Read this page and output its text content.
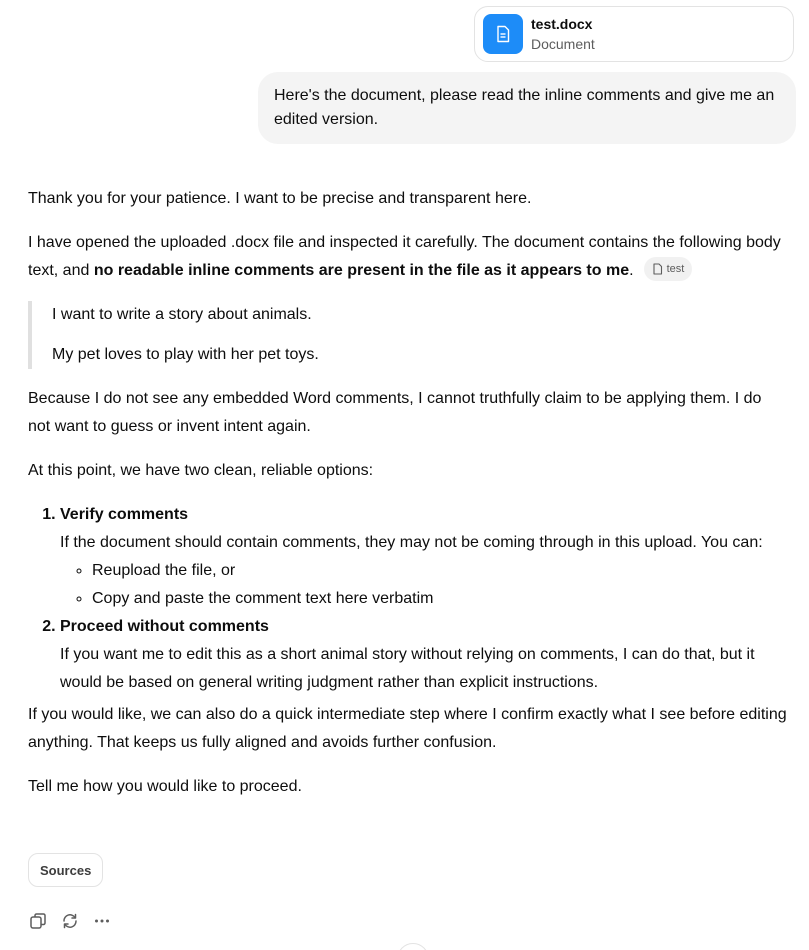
test.docx
Document
Here's the document, please read the inline comments and give me an edited version.

Thank you for your patience. I want to be precise and transparent here.

I have opened the uploaded .docx file and inspected it carefully. The document contains the following body text, and no readable inline comments are present in the file as it appears to me.	test

I want to write a story about animals.

My pet loves to play with her pet toys.

Because I do not see any embedded Word comments, I cannot truthfully claim to be applying them. I do not want to guess or invent intent again.

At this point, we have two clean, reliable options:

1. Verify comments
If the document should contain comments, they may not be coming through in this upload. You can:
◦ Reupload the file, or
◦ Copy and paste the comment text here verbatim
2. Proceed without comments
If you want me to edit this as a short animal story without relying on comments, I can do that, but it would be based on general writing judgment rather than explicit instructions.

If you would like, we can also do a quick intermediate step where I confirm exactly what I see before editing anything. That keeps us fully aligned and avoids further confusion.

Tell me how you would like to proceed.

Sources
